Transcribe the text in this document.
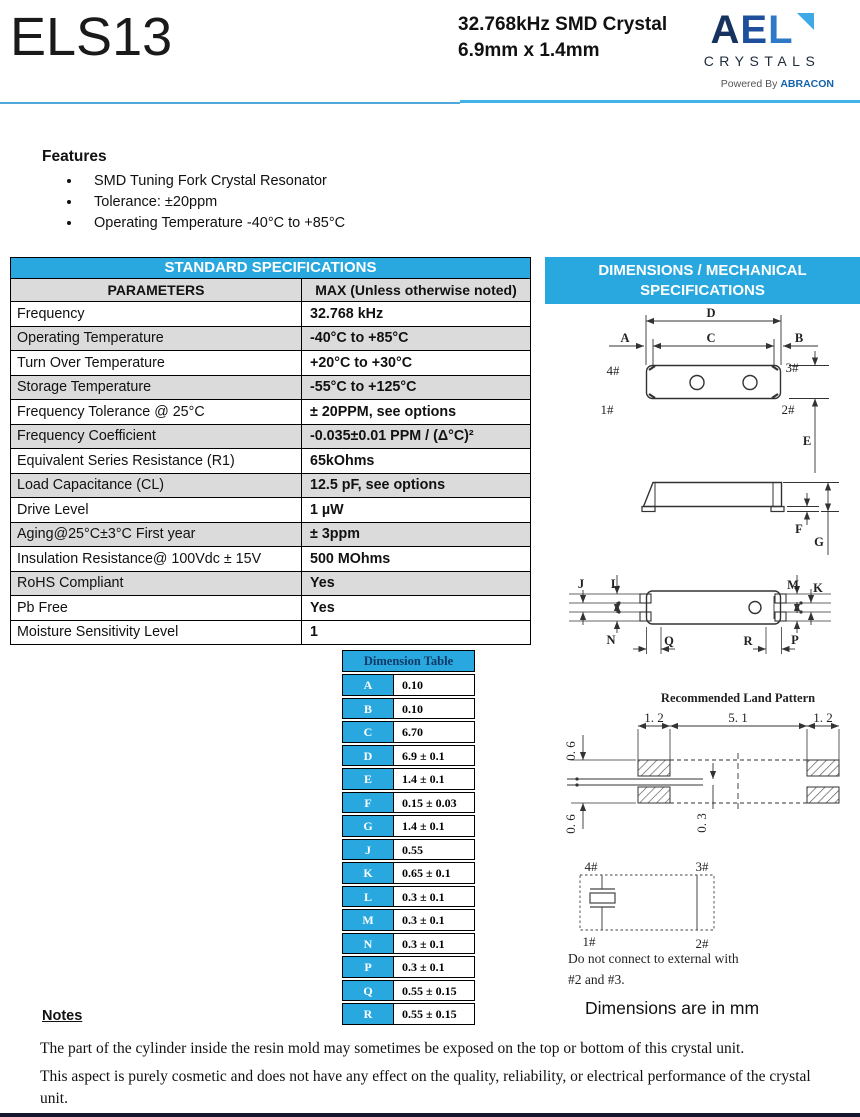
ELS13	32.768kHz SMD Crystal
6.9mm x 1.4mm	A E L
CRYSTALS
Powered By ABRACON
Features
• SMD Tuning Fork Crystal Resonator
• Tolerance: ±20ppm
• Operating Temperature -40°C to +85°C
STANDARD SPECIFICATIONS
PARAMETERS	MAX (Unless otherwise noted)
Frequency	32.768 kHz
Operating Temperature	-40°C to +85°C
Turn Over Temperature	+20°C to +30°C
Storage Temperature	-55°C to +125°C
Frequency Tolerance @ 25°C	± 20PPM, see options
Frequency Coefficient	-0.035±0.01 PPM / (Δ°C)²
Equivalent Series Resistance (R1)	65kOhms
Load Capacitance (CL)	12.5 pF, see options
Drive Level	1 µW
Aging@25°C±3°C First year	± 3ppm
Insulation Resistance@ 100Vdc ± 15V	500 MOhms
RoHS Compliant	Yes
Pb Free	Yes
Moisture Sensitivity Level	1
DIMENSIONS / MECHANICAL
SPECIFICATIONS
D
C
A	B
4#	3#
1#	2#
E
F
G
J L	M K
N	P
Q	R
Recommended Land Pattern
1. 2	5. 1	1. 2
0. 6
0. 6	0. 3
4#	3#
1#	2#
Do not connect to external with
#2 and #3.
Dimensions are in mm
Dimension Table
A	0.10
B	0.10
C	6.70
D	6.9 ± 0.1
E	1.4 ± 0.1
F	0.15 ± 0.03
G	1.4 ± 0.1
J	0.55
K	0.65 ± 0.1
L	0.3 ± 0.1
M	0.3 ± 0.1
N	0.3 ± 0.1
P	0.3 ± 0.1
Q	0.55 ± 0.15
R	0.55 ± 0.15
Notes

The part of the cylinder inside the resin mold may sometimes be exposed on the top or bottom of this crystal unit.

This aspect is purely cosmetic and does not have any effect on the quality, reliability, or electrical performance of the crystal unit.
